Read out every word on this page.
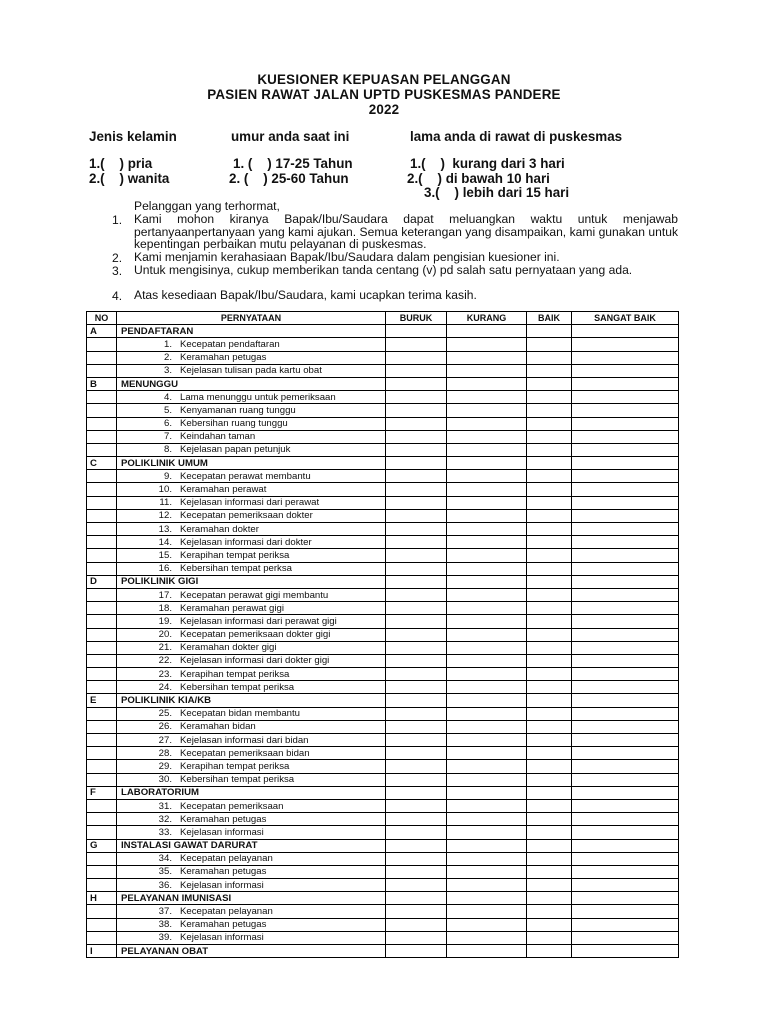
KUESIONER KEPUASAN PELANGGAN
PASIEN RAWAT JALAN UPTD PUSKESMAS PANDERE
2022
Jenis kelamin	umur anda saat ini	lama anda di rawat di puskesmas
1.(    ) pria
2.(    ) wanita
1. (    ) 17-25 Tahun
2. (    ) 25-60 Tahun
1.(    )  kurang dari 3 hari
2.(    ) di bawah 10 hari
3.(    ) lebih dari 15 hari
Pelanggan yang terhormat,
1. Kami mohon kiranya Bapak/Ibu/Saudara dapat meluangkan waktu untuk menjawab pertanyaanpertanyaan yang kami ajukan. Semua keterangan yang disampaikan, kami gunakan untuk kepentingan perbaikan mutu pelayanan di puskesmas.
2. Kami menjamin kerahasiaan Bapak/Ibu/Saudara dalam pengisian kuesioner ini.
3. Untuk mengisinya, cukup memberikan tanda centang (v) pd salah satu pernyataan yang ada.
4. Atas kesediaan Bapak/Ibu/Saudara, kami ucapkan terima kasih.
NO	PERNYATAAN	BURUK	KURANG	BAIK	SANGAT BAIK
A	PENDAFTARAN				
	1. Kecepatan pendaftaran				
	2. Keramahan petugas				
	3. Kejelasan tulisan pada kartu obat				
B	MENUNGGU				
	4. Lama menunggu untuk pemeriksaan				
	5. Kenyamanan ruang tunggu				
	6. Kebersihan ruang tunggu				
	7. Keindahan taman				
	8. Kejelasan papan petunjuk				
C	POLIKLINIK UMUM				
	9. Kecepatan perawat membantu				
	10. Keramahan perawat				
	11. Kejelasan informasi dari perawat				
	12. Kecepatan pemeriksaan dokter				
	13. Keramahan dokter				
	14. Kejelasan informasi dari dokter				
	15. Kerapihan tempat periksa				
	16. Kebersihan tempat perksa				
D	POLIKLINIK GIGI				
	17. Kecepatan perawat gigi membantu				
	18. Keramahan perawat gigi				
	19. Kejelasan informasi dari perawat gigi				
	20. Kecepatan pemeriksaan dokter gigi				
	21. Keramahan dokter gigi				
	22. Kejelasan informasi dari dokter gigi				
	23. Kerapihan tempat periksa				
	24. Kebersihan tempat periksa				
E	POLIKLINIK KIA/KB				
	25. Kecepatan bidan membantu				
	26. Keramahan bidan				
	27. Kejelasan informasi dari bidan				
	28. Kecepatan pemeriksaan bidan				
	29. Kerapihan tempat periksa				
	30. Kebersihan tempat periksa				
F	LABORATORIUM				
	31. Kecepatan pemeriksaan				
	32. Keramahan petugas				
	33. Kejelasan informasi				
G	INSTALASI GAWAT DARURAT				
	34. Kecepatan pelayanan				
	35. Keramahan petugas				
	36. Kejelasan informasi				
H	PELAYANAN IMUNISASI				
	37. Kecepatan pelayanan				
	38. Keramahan petugas				
	39. Kejelasan informasi				
I	PELAYANAN OBAT				
